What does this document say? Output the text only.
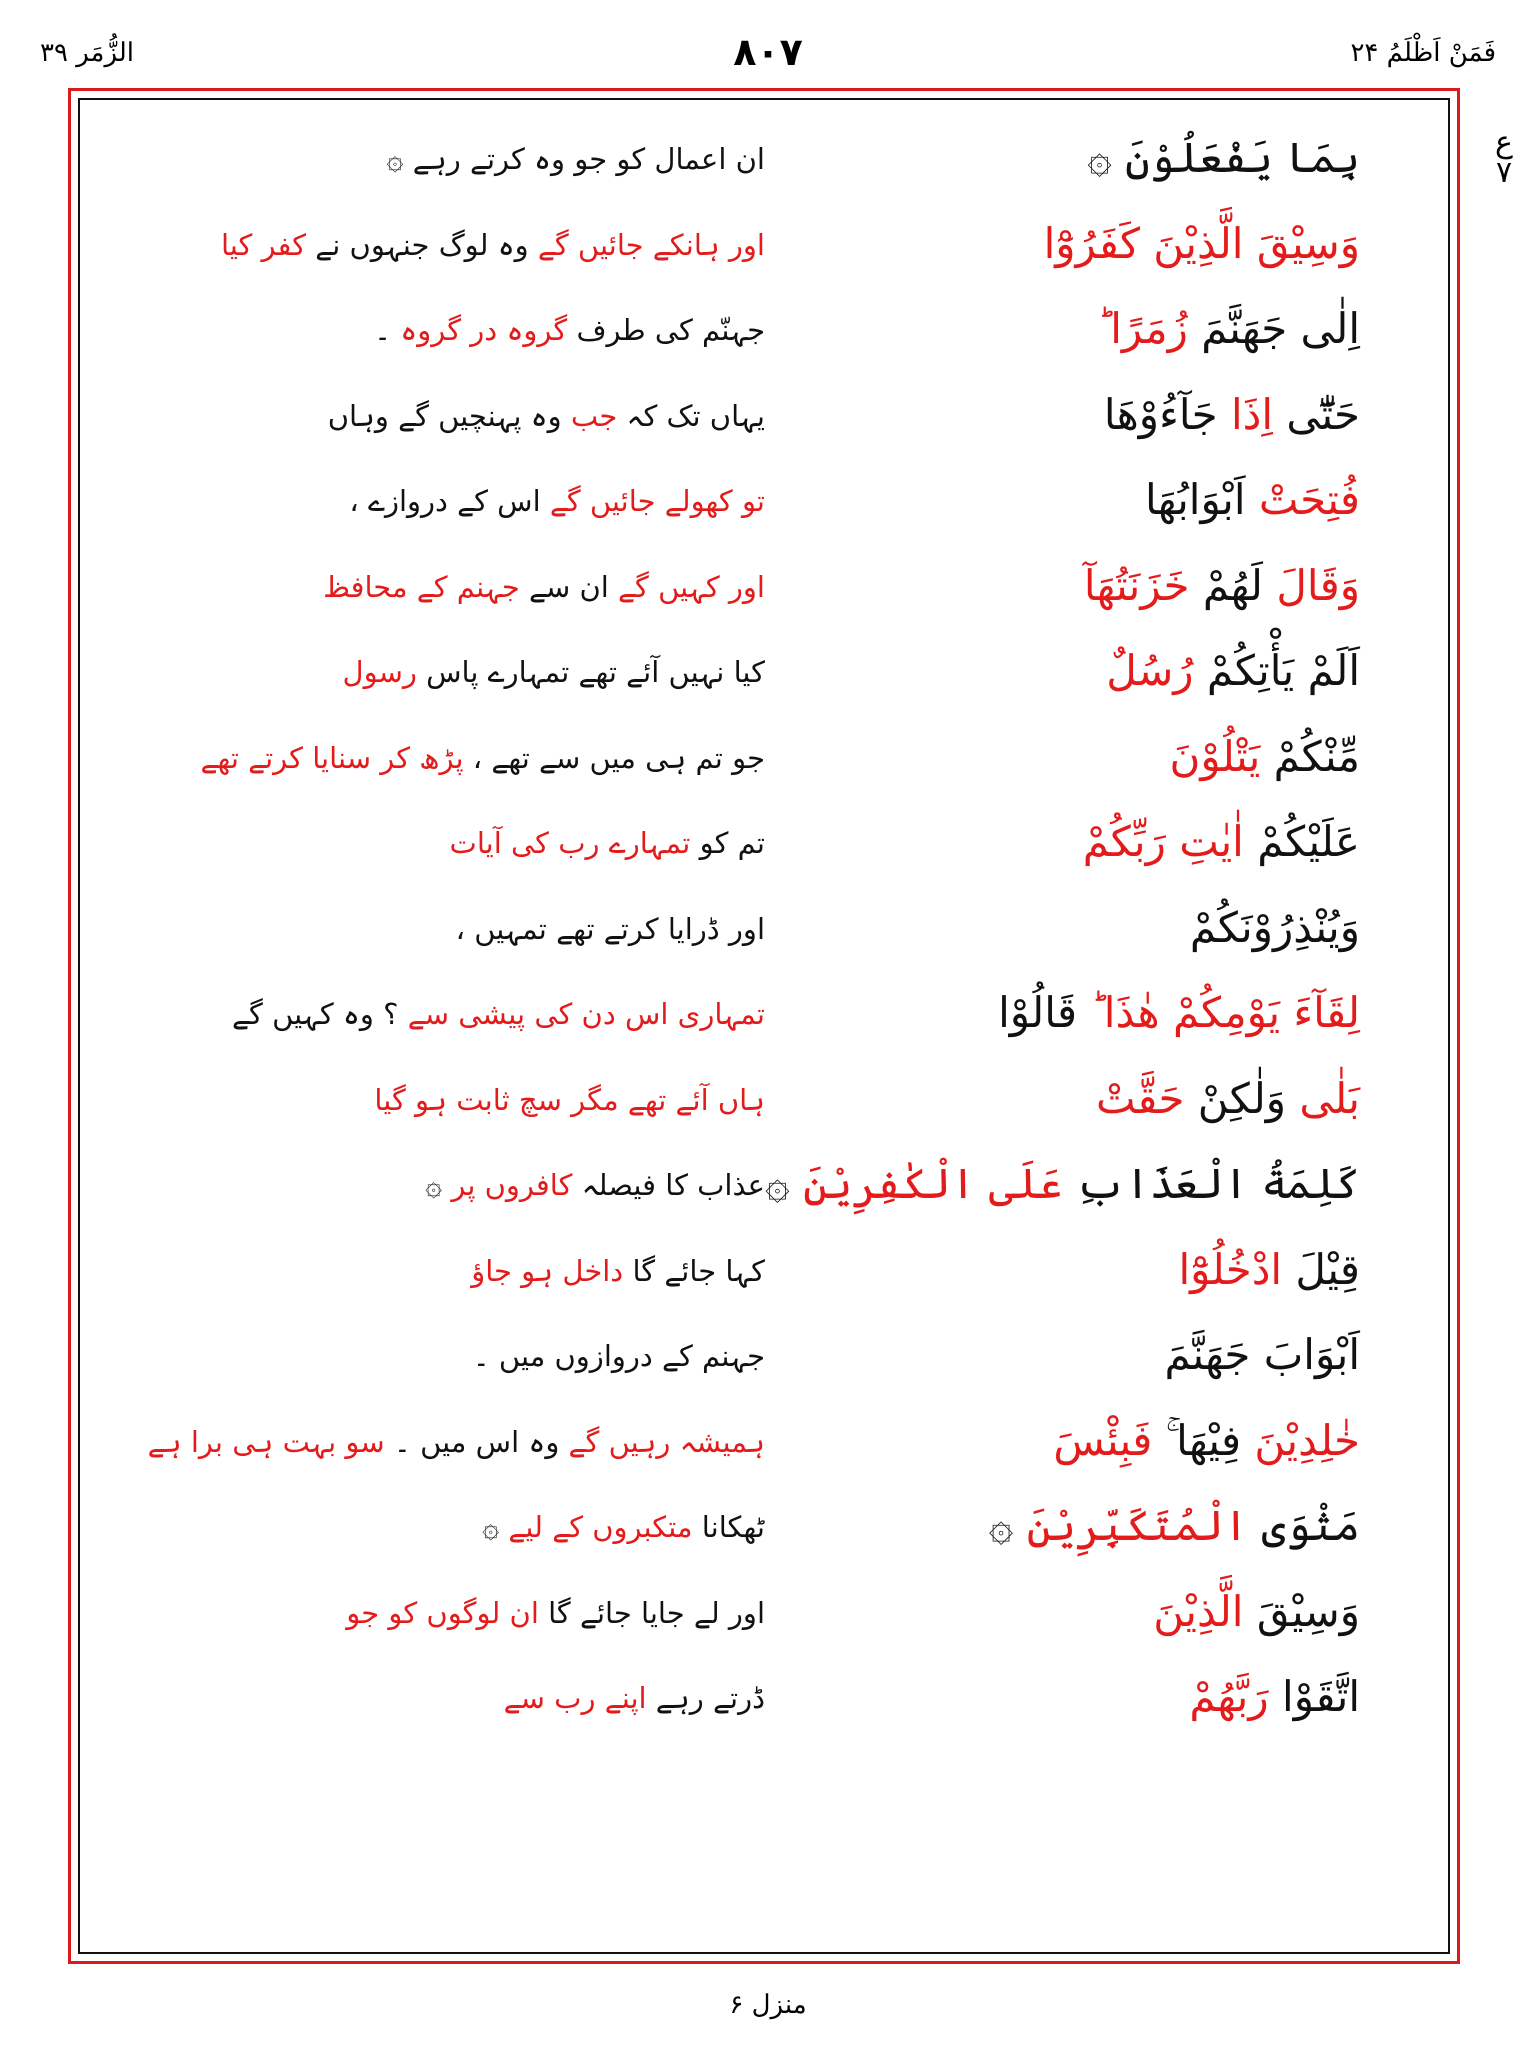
الزُّمَر ۳۹	۸۰۷	فَمَنْ اَظْلَمُ ۲۴
ع
۷
بِمَا يَفْعَلُوْنَ ۞
ان اعمال کو جو وہ کرتے رہے ۞
وَسِيْقَ الَّذِيْنَ كَفَرُوْٓا
اور ہانکے جائیں گے وہ لوگ جنہوں نے کفر کیا
اِلٰى جَهَنَّمَ زُمَرًا ؕ
جہنّم کی طرف گروہ در گروہ ۔
حَتّٰٓى اِذَا جَآءُوْهَا
یہاں تک کہ جب وہ پہنچیں گے وہاں
فُتِحَتْ اَبْوَابُهَا
تو کھولے جائیں گے اس کے دروازے ،
وَقَالَ لَهُمْ خَزَنَتُهَآ
اور کہیں گے ان سے جہنم کے محافظ
اَلَمْ يَأْتِكُمْ رُسُلٌ
کیا نہیں آئے تھے تمہارے پاس رسول
مِّنْكُمْ يَتْلُوْنَ
جو تم ہی میں سے تھے ، پڑھ کر سنایا کرتے تھے
عَلَيْكُمْ اٰيٰتِ رَبِّكُمْ
تم کو تمہارے رب کی آیات
وَيُنْذِرُوْنَكُمْ
اور ڈرایا کرتے تھے تمہیں ،
لِقَآءَ يَوْمِكُمْ هٰذَا ؕ قَالُوْا
تمہاری اس دن کی پیشی سے ؟ وہ کہیں گے
بَلٰى وَلٰكِنْ حَقَّتْ
ہاں آئے تھے مگر سچ ثابت ہو گیا
كَلِمَةُ الْعَذَابِ عَلَى الْكٰفِرِيْنَ ۞
عذاب کا فیصلہ کافروں پر ۞
قِيْلَ ادْخُلُوْٓا
کہا جائے گا داخل ہو جاؤ
اَبْوَابَ جَهَنَّمَ
جہنم کے دروازوں میں ۔
خٰلِدِيْنَ فِيْهَا ۚ فَبِئْسَ
ہمیشہ رہیں گے وہ اس میں ۔ سو بہت ہی برا ہے
مَثْوَى الْمُتَكَبِّرِيْنَ ۞
ٹھکانا متکبروں کے لیے ۞
وَسِيْقَ الَّذِيْنَ
اور لے جایا جائے گا ان لوگوں کو جو
اتَّقَوْا رَبَّهُمْ
ڈرتے رہے اپنے رب سے
منزل ۶
